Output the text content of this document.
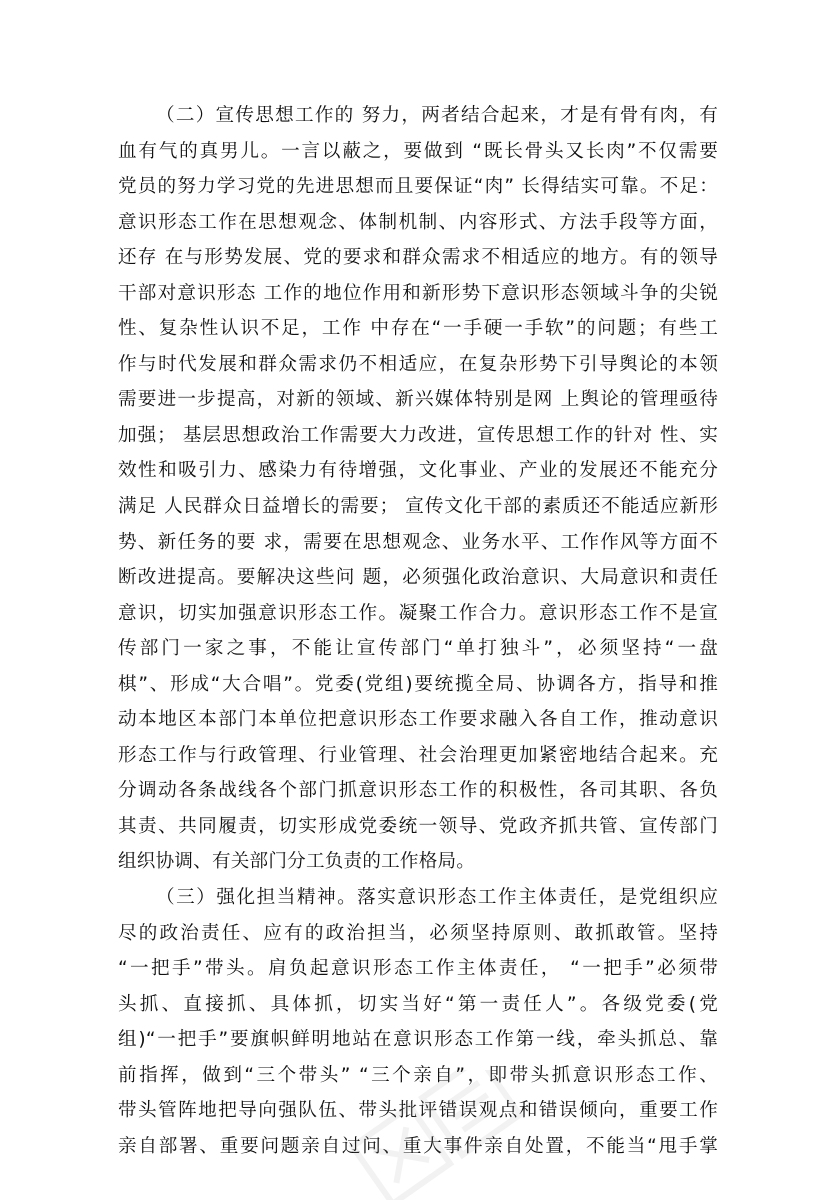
（二）宣传思想工作的 努力，两者结合起来，才是有骨有肉，有
血有气的真男儿。一言以蔽之，要做到 “既长骨头又长肉”不仅需要
党员的努力学习党的先进思想而且要保证“肉” 长得结实可靠。不足：
意识形态工作在思想观念、体制机制、内容形式、方法手段等方面，
还存 在与形势发展、党的要求和群众需求不相适应的地方。有的领导
干部对意识形态 工作的地位作用和新形势下意识形态领域斗争的尖锐
性、复杂性认识不足，工作 中存在“一手硬一手软”的问题；有些工
作与时代发展和群众需求仍不相适应，在复杂形势下引导舆论的本领
需要进一步提高，对新的领域、新兴媒体特别是网 上舆论的管理亟待
加强； 基层思想政治工作需要大力改进，宣传思想工作的针对 性、实
效性和吸引力、感染力有待增强，文化事业、产业的发展还不能充分
满足 人民群众日益增长的需要； 宣传文化干部的素质还不能适应新形
势、新任务的要 求，需要在思想观念、业务水平、工作作风等方面不
断改进提高。要解决这些问 题，必须强化政治意识、大局意识和责任
意识，切实加强意识形态工作。凝聚工作合力。意识形态工作不是宣
传部门一家之事，不能让宣传部门“单打独斗”，必须坚持“一盘
棋”、形成“大合唱”。党委(党组)要统揽全局、协调各方，指导和推
动本地区本部门本单位把意识形态工作要求融入各自工作，推动意识
形态工作与行政管理、行业管理、社会治理更加紧密地结合起来。充
分调动各条战线各个部门抓意识形态工作的积极性，各司其职、各负
其责、共同履责，切实形成党委统一领导、党政齐抓共管、宣传部门
组织协调、有关部门分工负责的工作格局。
（三）强化担当精神。落实意识形态工作主体责任，是党组织应
尽的政治责任、应有的政治担当，必须坚持原则、敢抓敢管。坚持
“一把手”带头。肩负起意识形态工作主体责任， “一把手”必须带
头抓、直接抓、具体抓，切实当好“第一责任人”。各级党委(党
组)“一把手”要旗帜鲜明地站在意识形态工作第一线，牵头抓总、靠
前指挥，做到“三个带头” “三个亲自”，即带头抓意识形态工作、
带头管阵地把导向强队伍、带头批评错误观点和错误倾向，重要工作
亲自部署、重要问题亲自过问、重大事件亲自处置，不能当“甩手掌
